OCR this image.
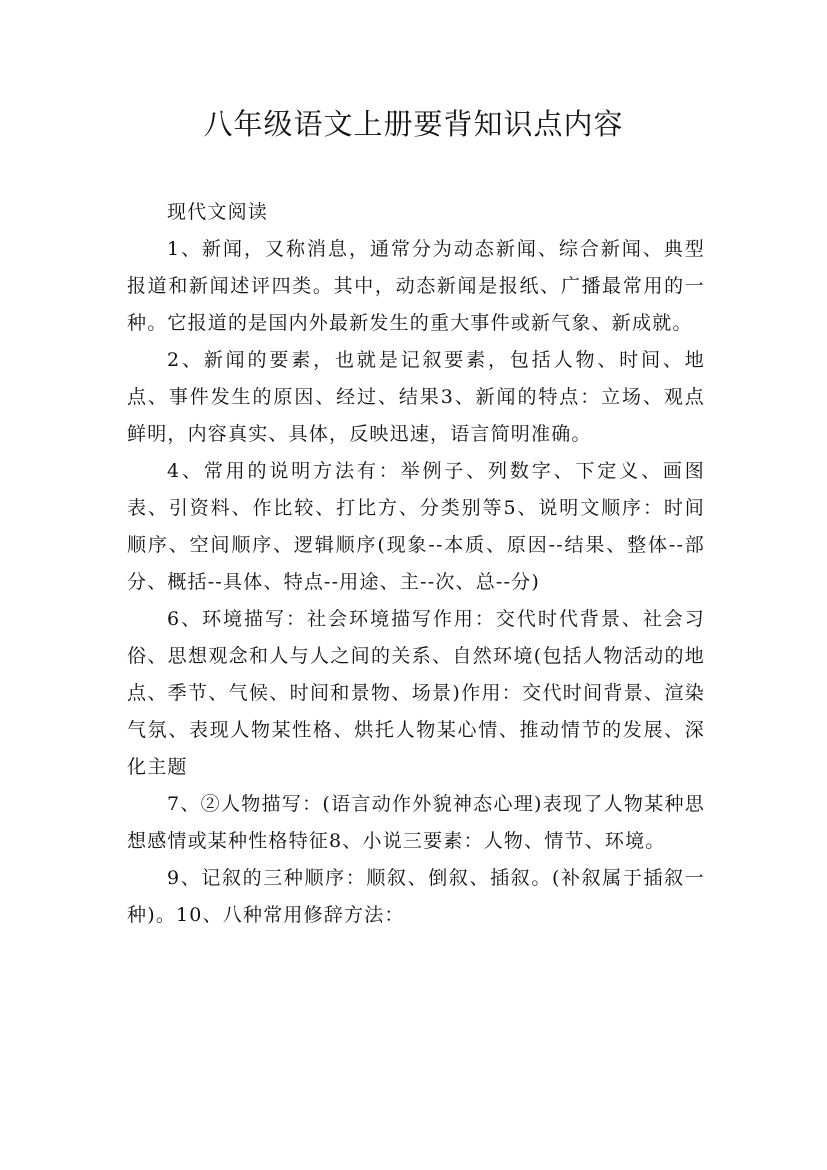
八年级语文上册要背知识点内容

现代文阅读

1、新闻，又称消息，通常分为动态新闻、综合新闻、典型报道和新闻述评四类。其中，动态新闻是报纸、广播最常用的一种。它报道的是国内外最新发生的重大事件或新气象、新成就。

2、新闻的要素，也就是记叙要素，包括人物、时间、地点、事件发生的原因、经过、结果3、新闻的特点：立场、观点鲜明，内容真实、具体，反映迅速，语言简明准确。

4、常用的说明方法有：举例子、列数字、下定义、画图表、引资料、作比较、打比方、分类别等5、说明文顺序：时间顺序、空间顺序、逻辑顺序(现象--本质、原因--结果、整体--部分、概括--具体、特点--用途、主--次、总--分)

6、环境描写：社会环境描写作用：交代时代背景、社会习俗、思想观念和人与人之间的关系、自然环境(包括人物活动的地点、季节、气候、时间和景物、场景)作用：交代时间背景、渲染气氛、表现人物某性格、烘托人物某心情、推动情节的发展、深化主题

7、②人物描写：(语言动作外貌神态心理)表现了人物某种思想感情或某种性格特征8、小说三要素：人物、情节、环境。

9、记叙的三种顺序：顺叙、倒叙、插叙。(补叙属于插叙一种)。10、八种常用修辞方法：
